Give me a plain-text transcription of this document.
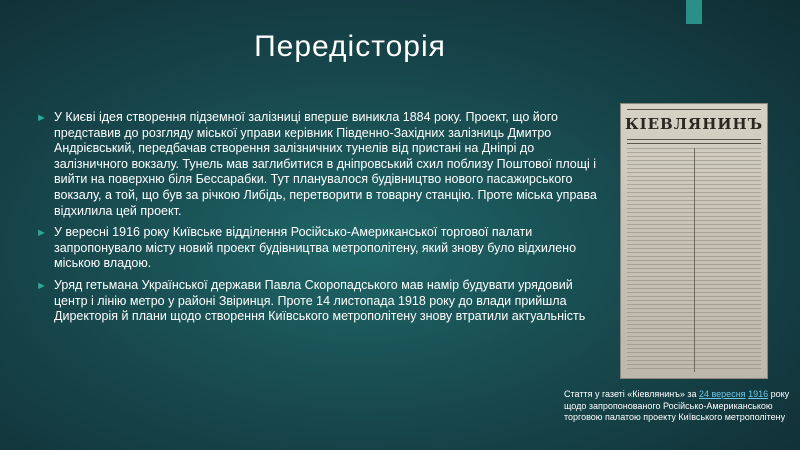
Передісторія
► У Києві ідея створення підземної залізниці вперше виникла 1884 року. Проект, що його представив до розгляду міської управи керівник Південно-Західних залізниць Дмитро Андрієвський, передбачав створення залізничних тунелів від пристані на Дніпрі до залізничного вокзалу. Тунель мав заглибитися в дніпровський схил поблизу Поштової площі і вийти на поверхню біля Бессарабки. Тут планувалося будівництво нового пасажирського вокзалу, а той, що був за річкою Либідь, перетворити в товарну станцію. Проте міська управа відхилила цей проект.
► У вересні 1916 року Київське відділення Російсько-Американської торгової палати запропонувало місту новий проект будівництва метрополітену, який знову було відхилено міською владою.
► Уряд гетьмана Української держави Павла Скоропадського мав намір будувати урядовий центр і лінію метро у районі Звіринця. Проте 14 листопада 1918 року до влади прийшла Директорія й плани щодо створення Київського метрополітену знову втратили актуальність
КІЕВЛЯНИНЪ
Стаття у газеті «Кіевлянинъ» за 24 вересня 1916 року щодо запропонованого Російсько-Американською торговою палатою проекту Київського метрополітену
